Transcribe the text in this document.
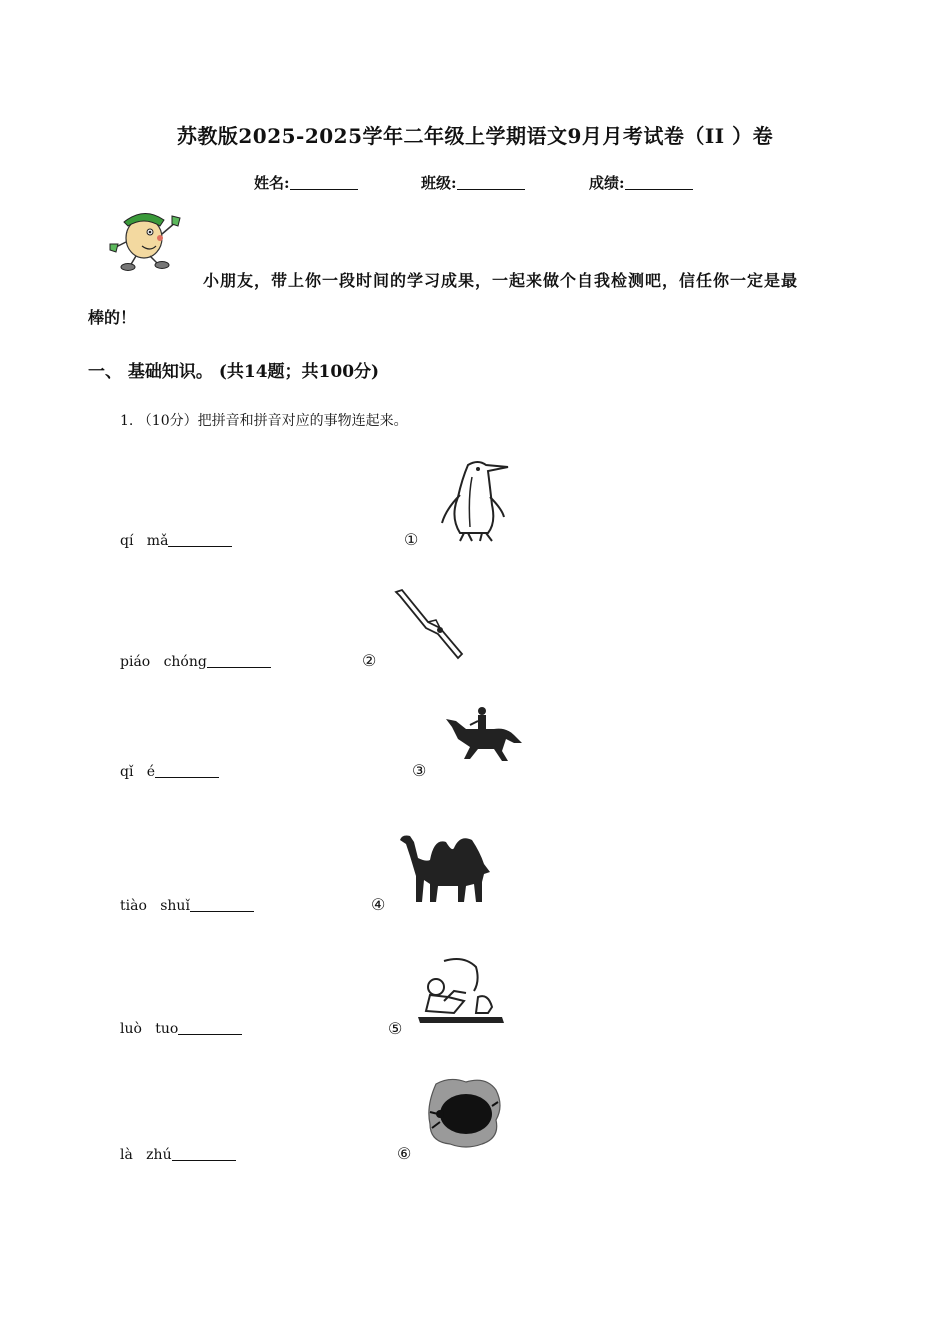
苏教版2025-2025学年二年级上学期语文9月月考试卷（II ）卷
姓名:	班级:	成绩:
小朋友，带上你一段时间的学习成果，一起来做个自我检测吧，信任你一定是最
棒的！
一、 基础知识。 (共14题；共100分)
1. （10分）把拼音和拼音对应的事物连起来。
qí   mǎ	①
piáo   chóng	②
qǐ   é	③
tiào   shuǐ	④
luò   tuo	⑤
là   zhú	⑥
